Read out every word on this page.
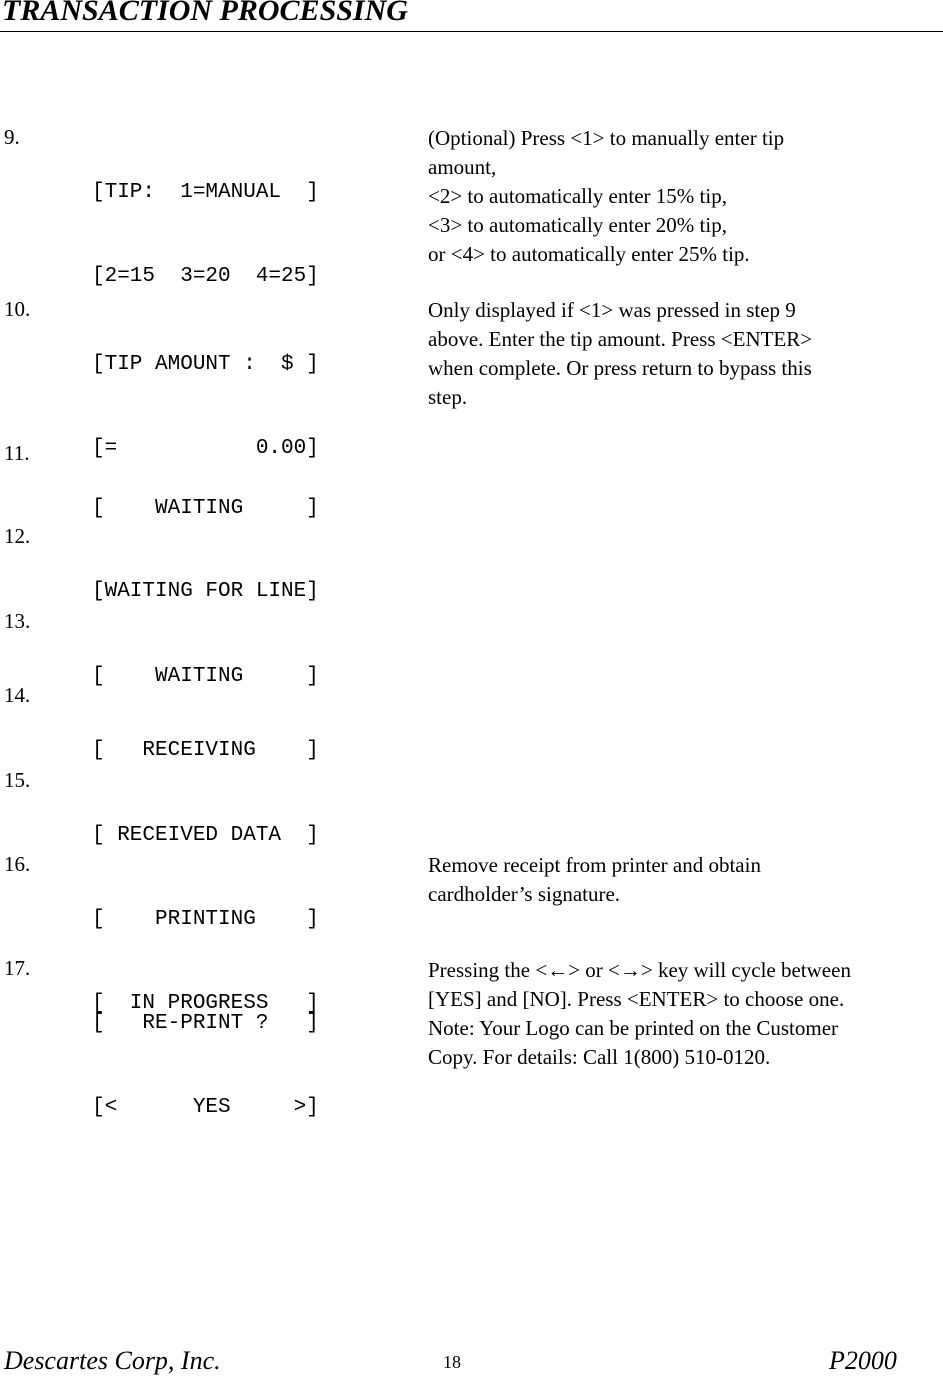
TRANSACTION PROCESSING
9.

[TIP:  1=MANUAL  ]

[2=15  3=20  4=25]

(Optional) Press <1> to manually enter tip
amount,
<2> to automatically enter 15% tip,
<3> to automatically enter 20% tip,
or <4> to automatically enter 25% tip.
10.

[TIP AMOUNT :  $ ]

[=           0.00]

Only displayed if <1> was pressed in step 9
above. Enter the tip amount. Press <ENTER>
when complete. Or press return to bypass this
step.
11.

[    WAITING     ]

12.

[WAITING FOR LINE]

13.

[    WAITING     ]

14.

[   RECEIVING    ]

15.

[ RECEIVED DATA  ]

16.

[    PRINTING    ]

[  IN PROGRESS   ]

Remove receipt from printer and obtain
cardholder’s signature.
17.

[   RE-PRINT ?   ]

[<      YES     >]

Pressing the <←> or <→> key will cycle between
[YES] and [NO]. Press <ENTER> to choose one.
Note: Your Logo can be printed on the Customer
Copy. For details: Call 1(800) 510-0120.
Descartes Corp, Inc.	18	P2000
